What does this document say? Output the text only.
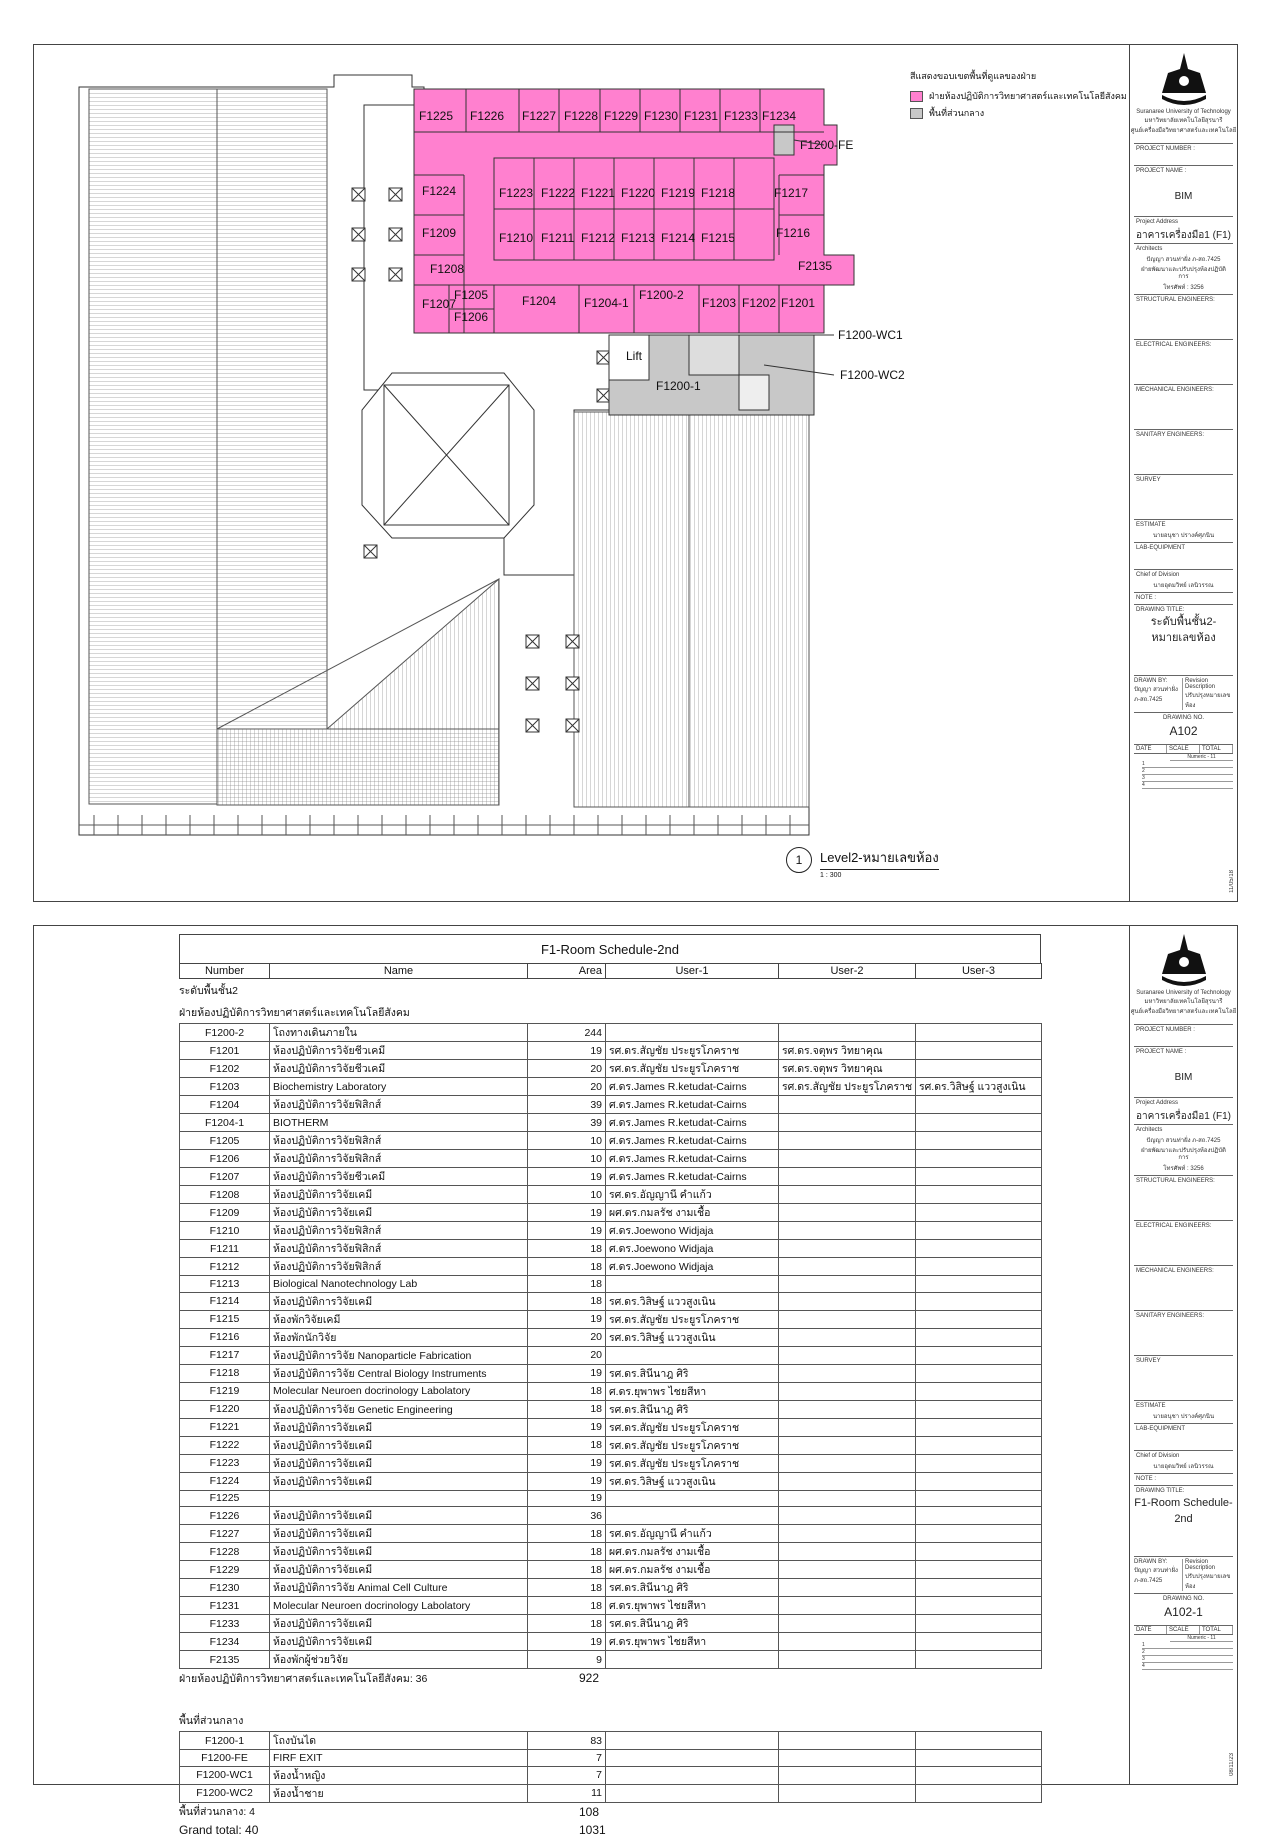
F1225 F1226 F1227 F1228 F1229 F1230 F1231 F1233 F1234
F1223 F1222 F1221 F1220 F1219 F1218
F1210 F1211 F1212 F1213 F1214 F1215
F1224
F1209
F1208
F1207
F1205
F1206
F1217
F1216
F2135
F1204 F1204-1
F1200-2
F1203 F1202 F1201
F1200-FE
F1200-WC1
F1200-WC2
F1200-1
Lift
สีแสดงขอบเขตพื้นที่ดูแลของฝ่าย
ฝ่ายห้องปฏิบัติการวิทยาศาสตร์และเทคโนโลยีสังคม
พื้นที่ส่วนกลาง
1	Level2-หมายเลขห้อง
1 : 300
Suranaree University of Technology
มหาวิทยาลัยเทคโนโลยีสุรนารี
ศูนย์เครื่องมือวิทยาศาสตร์และเทคโนโลยี
PROJECT NUMBER :
PROJECT NAME :
BIM
Project Address
อาคารเครื่องมือ1 (F1)
Architects
ปัญญา สวนท่าฝั่ง ภ-สถ.7425
ฝ่ายพัฒนาและปรับปรุงห้องปฏิบัติการ
โทรศัพท์ : 3256
STRUCTURAL ENGINEERS:
ELECTRICAL ENGINEERS:
MECHANICAL ENGINEERS:
SANITARY ENGINEERS:
SURVEY
ESTIMATE
นายอนุชา ปรางค์ศุภนิน
LAB-EQUIPMENT
Chief of Division
นายอุดมวิทย์ เลนิวรรณ
NOTE :
DRAWING TITLE:
ระดับพื้นชั้น2-หมายเลขห้อง
DRAWN BY:
ปัญญา สวนท่าฝั่ง ภ-สถ.7425
Revision Description
ปรับปรุงหมายเลขห้อง
DRAWING NO.
A102
DATE	SCALE	TOTAL
Numeric - 11
1
2
3
4
11/05/18
F1-Room Schedule-2nd
Number	Name	Area	User-1	User-2	User-3
ระดับพื้นชั้น2
ฝ่ายห้องปฏิบัติการวิทยาศาสตร์และเทคโนโลยีสังคม
F1200-2	โถงทางเดินภายใน	244			
F1201	ห้องปฏิบัติการวิจัยชีวเคมี	19	รศ.ดร.สัญชัย ประยูรโภคราช	รศ.ดร.จตุพร วิทยาคุณ	
F1202	ห้องปฏิบัติการวิจัยชีวเคมี	20	รศ.ดร.สัญชัย ประยูรโภคราช	รศ.ดร.จตุพร วิทยาคุณ	
F1203	Biochemistry Laboratory	20	ศ.ดร.James R.ketudat-Cairns	รศ.ดร.สัญชัย ประยูรโภคราช	รศ.ดร.วิสิษฐ์ แววสูงเนิน
F1204	ห้องปฏิบัติการวิจัยฟิสิกส์	39	ศ.ดร.James R.ketudat-Cairns		
F1204-1	BIOTHERM	39	ศ.ดร.James R.ketudat-Cairns		
F1205	ห้องปฏิบัติการวิจัยฟิสิกส์	10	ศ.ดร.James R.ketudat-Cairns		
F1206	ห้องปฏิบัติการวิจัยฟิสิกส์	10	ศ.ดร.James R.ketudat-Cairns		
F1207	ห้องปฏิบัติการวิจัยชีวเคมี	19	ศ.ดร.James R.ketudat-Cairns		
F1208	ห้องปฏิบัติการวิจัยเคมี	10	รศ.ดร.อัญญานี คำแก้ว		
F1209	ห้องปฏิบัติการวิจัยเคมี	19	ผศ.ดร.กมลรัช งามเชื้อ		
F1210	ห้องปฏิบัติการวิจัยฟิสิกส์	19	ศ.ดร.Joewono Widjaja		
F1211	ห้องปฏิบัติการวิจัยฟิสิกส์	18	ศ.ดร.Joewono Widjaja		
F1212	ห้องปฏิบัติการวิจัยฟิสิกส์	18	ศ.ดร.Joewono Widjaja		
F1213	Biological Nanotechnology Lab	18			
F1214	ห้องปฏิบัติการวิจัยเคมี	18	รศ.ดร.วิสิษฐ์ แววสูงเนิน		
F1215	ห้องพักวิจัยเคมี	19	รศ.ดร.สัญชัย ประยูรโภคราช		
F1216	ห้องพักนักวิจัย	20	รศ.ดร.วิสิษฐ์ แววสูงเนิน		
F1217	ห้องปฏิบัติการวิจัย Nanoparticle Fabrication	20			
F1218	ห้องปฏิบัติการวิจัย Central Biology Instruments	19	รศ.ดร.สินีนาฎ ศิริ		
F1219	Molecular Neuroen docrinology Labolatory	18	ศ.ดร.ยุพาพร ไชยสีหา		
F1220	ห้องปฏิบัติการวิจัย Genetic Engineering	18	รศ.ดร.สินีนาฎ ศิริ		
F1221	ห้องปฏิบัติการวิจัยเคมี	19	รศ.ดร.สัญชัย ประยูรโภคราช		
F1222	ห้องปฏิบัติการวิจัยเคมี	18	รศ.ดร.สัญชัย ประยูรโภคราช		
F1223	ห้องปฏิบัติการวิจัยเคมี	19	รศ.ดร.สัญชัย ประยูรโภคราช		
F1224	ห้องปฏิบัติการวิจัยเคมี	19	รศ.ดร.วิสิษฐ์ แววสูงเนิน		
F1225		19			
F1226	ห้องปฏิบัติการวิจัยเคมี	36			
F1227	ห้องปฏิบัติการวิจัยเคมี	18	รศ.ดร.อัญญานี คำแก้ว		
F1228	ห้องปฏิบัติการวิจัยเคมี	18	ผศ.ดร.กมลรัช งามเชื้อ		
F1229	ห้องปฏิบัติการวิจัยเคมี	18	ผศ.ดร.กมลรัช งามเชื้อ		
F1230	ห้องปฏิบัติการวิจัย Animal Cell Culture	18	รศ.ดร.สินีนาฎ ศิริ		
F1231	Molecular Neuroen docrinology Labolatory	18	ศ.ดร.ยุพาพร ไชยสีหา		
F1233	ห้องปฏิบัติการวิจัยเคมี	18	รศ.ดร.สินีนาฎ ศิริ		
F1234	ห้องปฏิบัติการวิจัยเคมี	19	ศ.ดร.ยุพาพร ไชยสีหา		
F2135	ห้องพักผู้ช่วยวิจัย	9			
ฝ่ายห้องปฏิบัติการวิทยาศาสตร์และเทคโนโลยีสังคม: 36	922
พื้นที่ส่วนกลาง
F1200-1	โถงบันได	83			
F1200-FE	FIRF EXIT	7			
F1200-WC1	ห้องน้ำหญิง	7			
F1200-WC2	ห้องน้ำชาย	11			
พื้นที่ส่วนกลาง: 4	108
Grand total: 40	1031
Suranaree University of Technology
มหาวิทยาลัยเทคโนโลยีสุรนารี
ศูนย์เครื่องมือวิทยาศาสตร์และเทคโนโลยี
PROJECT NUMBER :
PROJECT NAME :
BIM
Project Address
อาคารเครื่องมือ1 (F1)
Architects
ปัญญา สวนท่าฝั่ง ภ-สถ.7425
ฝ่ายพัฒนาและปรับปรุงห้องปฏิบัติการ
โทรศัพท์ : 3256
STRUCTURAL ENGINEERS:
ELECTRICAL ENGINEERS:
MECHANICAL ENGINEERS:
SANITARY ENGINEERS:
SURVEY
ESTIMATE
นายอนุชา ปรางค์ศุภนิน
LAB-EQUIPMENT
Chief of Division
นายอุดมวิทย์ เลนิวรรณ
NOTE :
DRAWING TITLE:
F1-Room Schedule-2nd
DRAWN BY:
ปัญญา สวนท่าฝั่ง ภ-สถ.7425
Revision Description
ปรับปรุงหมายเลขห้อง
DRAWING NO.
A102-1
DATE	SCALE	TOTAL
Numeric - 11
1
2
3
4
08/11/23
